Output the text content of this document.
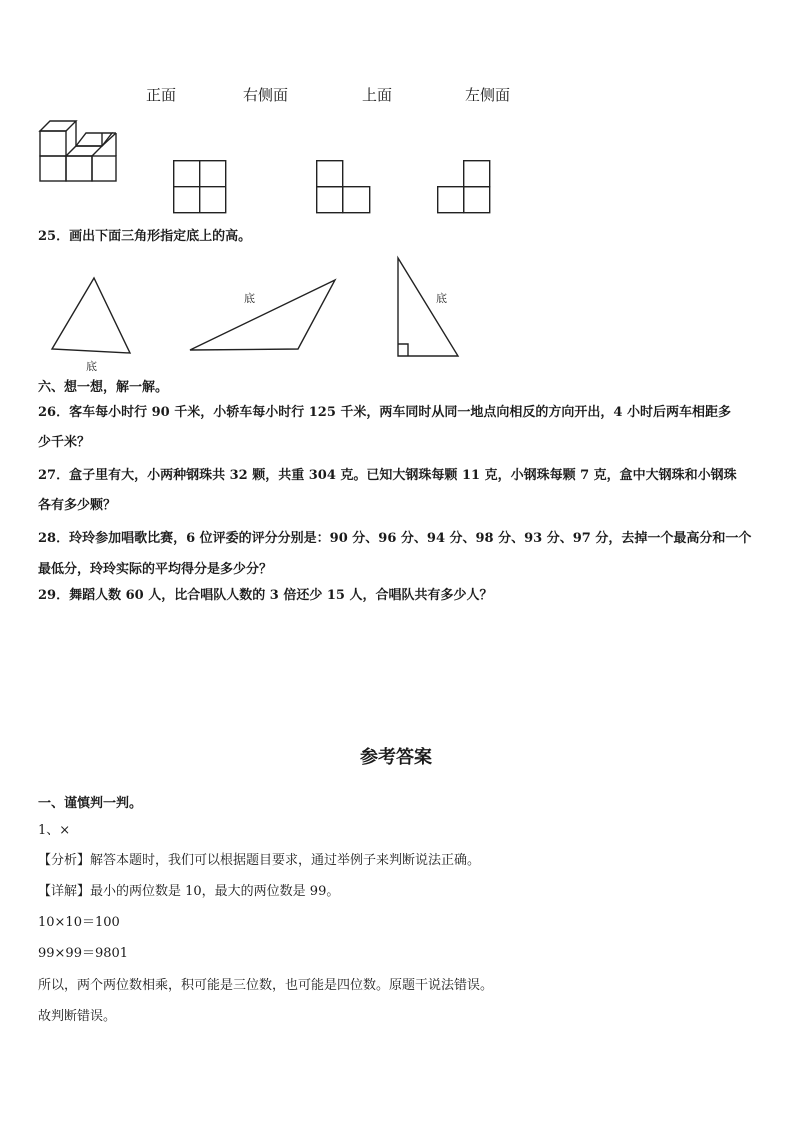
正面	右侧面	上面	左侧面
25．画出下面三角形指定底上的高。
底
底	底
六、想一想，解一解。
26．客车每小时行 90 千米，小轿车每小时行 125 千米，两车同时从同一地点向相反的方向开出，4 小时后两车相距多
少千米？
27．盒子里有大，小两种钢珠共 32 颗，共重 304 克。已知大钢珠每颗 11 克，小钢珠每颗 7 克，盒中大钢珠和小钢珠
各有多少颗？
28．玲玲参加唱歌比赛，6 位评委的评分分别是：90 分、96 分、94 分、98 分、93 分、97 分，去掉一个最高分和一个
最低分，玲玲实际的平均得分是多少分？
29．舞蹈人数 60 人，比合唱队人数的 3 倍还少 15 人，合唱队共有多少人？
参考答案
一、谨慎判一判。
1、×
【分析】解答本题时，我们可以根据题目要求，通过举例子来判断说法正确。
【详解】最小的两位数是 10，最大的两位数是 99。
10×10＝100
99×99＝9801
所以，两个两位数相乘，积可能是三位数，也可能是四位数。原题干说法错误。
故判断错误。
